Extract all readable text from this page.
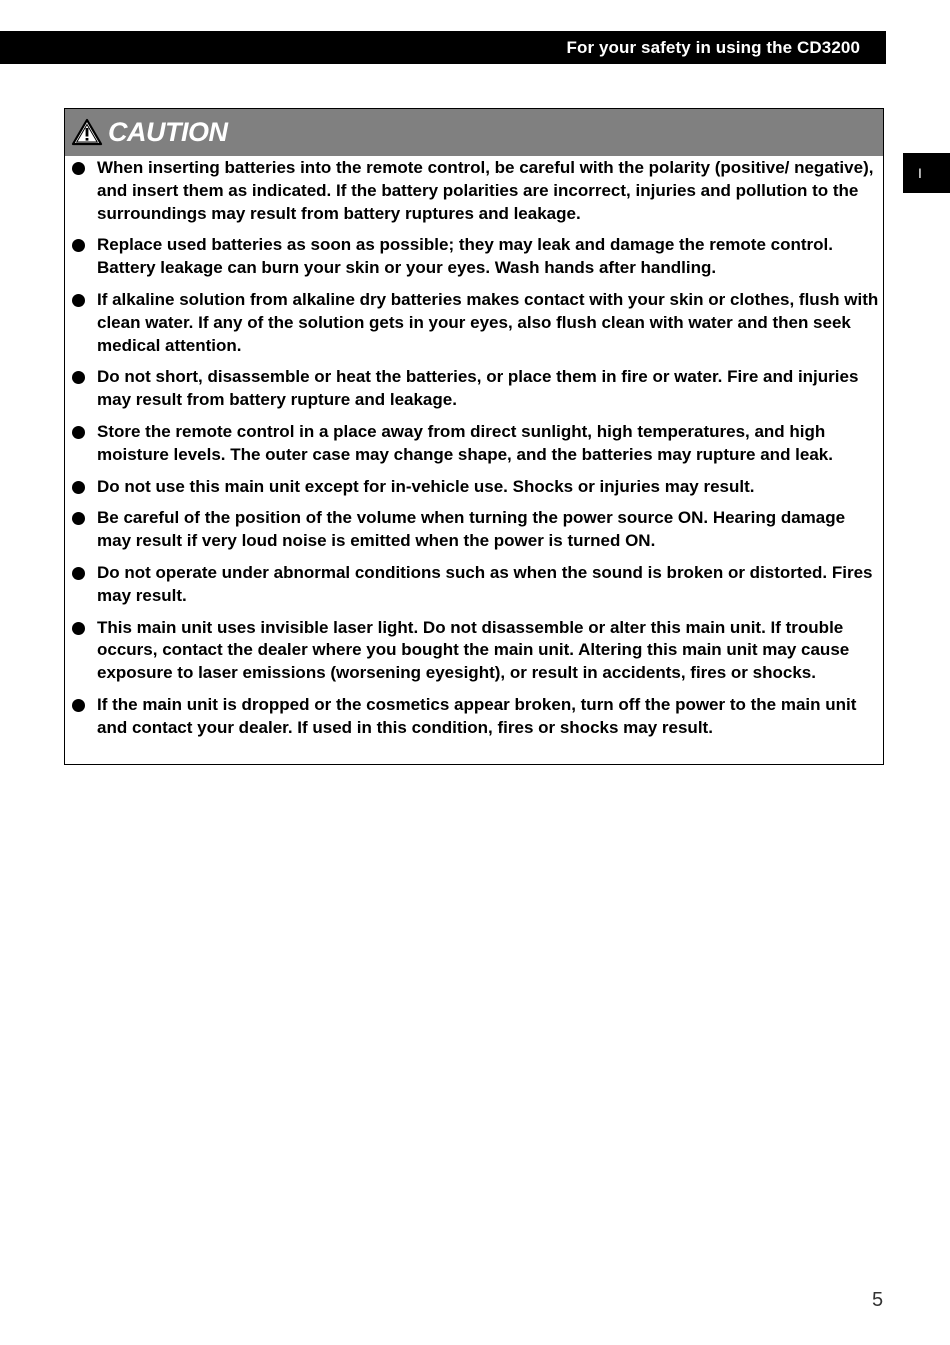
For your safety in using the CD3200
I
CAUTION
When inserting batteries into the remote control, be careful with the polarity (positive/ negative), and insert them as indicated. If the battery polarities are incorrect, injuries and pollution to the surroundings may result from battery ruptures and leakage.
Replace used batteries as soon as possible; they may leak and damage the remote control. Battery leakage can burn your skin or your eyes. Wash hands after handling.
If alkaline solution from alkaline dry batteries makes contact with your skin or clothes, flush with clean water. If any of the solution gets in your eyes, also flush clean with water and then seek medical attention.
Do not short, disassemble or heat the batteries, or place them in fire or water. Fire and injuries may result from battery rupture and leakage.
Store the remote control in a place away from direct sunlight, high temperatures, and high moisture levels. The outer case may change shape, and the batteries may rupture and leak.
Do not use this main unit except for in-vehicle use. Shocks or injuries may result.
Be careful of the position of the volume when turning the power source ON. Hearing damage may result if very loud noise is emitted when the power is turned ON.
Do not operate under abnormal conditions such as when the sound is broken or distorted. Fires may result.
This main unit uses invisible laser light. Do not disassemble or alter this main unit. If trouble occurs, contact the dealer where you bought the main unit. Altering this main unit may cause exposure to laser emissions (worsening eyesight), or result in accidents, fires or shocks.
If the main unit is dropped or the cosmetics appear broken, turn off the power to the main unit and contact your dealer. If used in this condition, fires or shocks may result.
5
